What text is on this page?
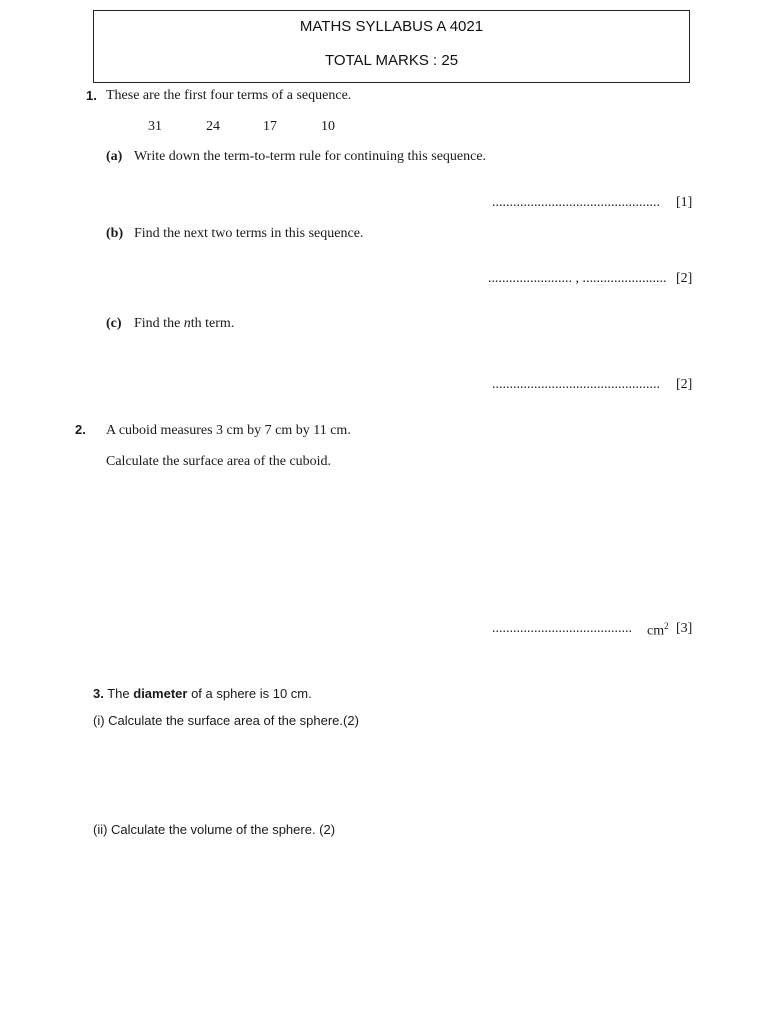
MATHS SYLLABUS A 4021
TOTAL MARKS : 25
1. These are the first four terms of a sequence.
31	24	17	10
(a) Write down the term-to-term rule for continuing this sequence.
................................................ [1]
(b) Find the next two terms in this sequence.
........................ , ........................ [2]
(c) Find the nth term.
................................................ [2]
2. A cuboid measures 3 cm by 7 cm by 11 cm.
Calculate the surface area of the cuboid.
........................................ $cm^2$ [3]
3. The diameter of a sphere is 10 cm.
(i) Calculate the surface area of the sphere.(2)
(ii) Calculate the volume of the sphere. (2)
